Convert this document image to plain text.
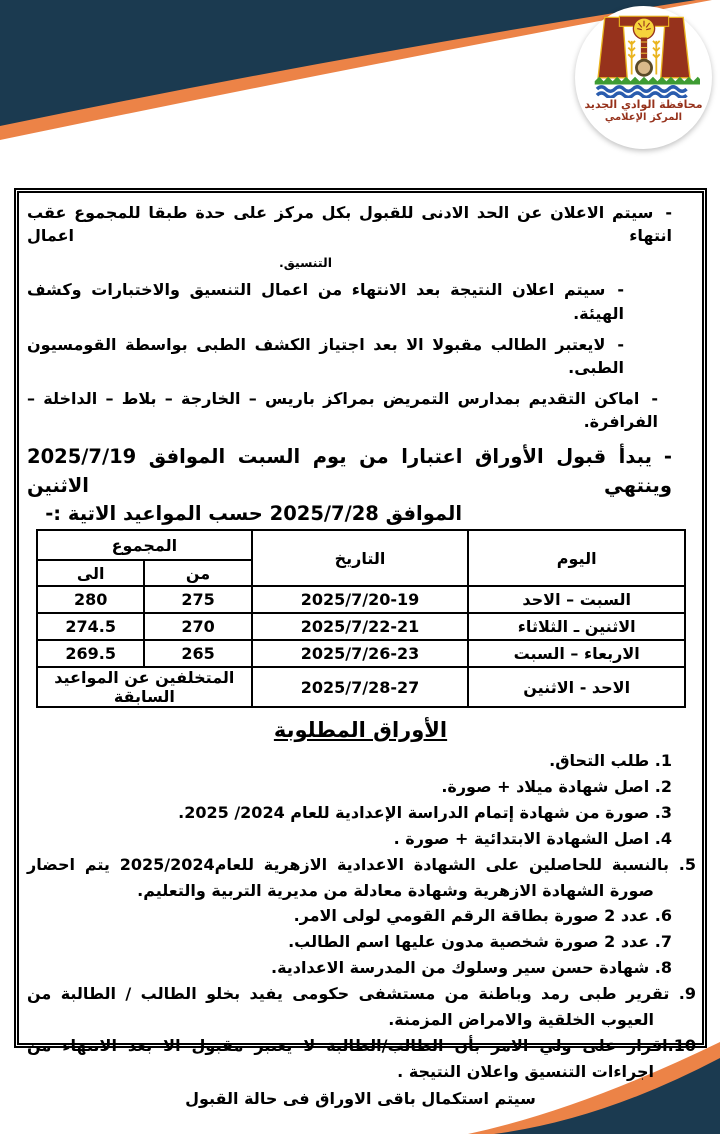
محافظة الوادي الجديد
المركز الإعلامي
-سيتم الاعلان عن الحد الادنى للقبول بكل مركز على حدة طبقا للمجموع عقب انتهاء اعمال
التنسيق.
-سيتم اعلان النتيجة بعد الانتهاء من اعمال التنسيق والاختبارات وكشف الهيئة.
-لايعتبر الطالب مقبولا الا بعد اجتياز الكشف الطبى بواسطة القومسيون الطبى.
-اماكن التقديم بمدارس التمريض بمراكز باريس – الخارجة – بلاط – الداخلة – الفرافرة.
-يبدأ قبول الأوراق اعتبارا من يوم السبت الموافق 2025/7/19 وينتهي الاثنين
الموافق 2025/7/28 حسب المواعيد الاتية :-
اليوم	التاريخ	المجموع	
		من	الى
السبت – الاحد	2025/7/20-19	275	280
الاثنين ـ الثلاثاء	2025/7/22-21	270	274.5
الاربعاء – السبت	2025/7/26-23	265	269.5
الاحد - الاثنين	2025/7/28-27	المتخلفين عن المواعيد السابقة	
الأوراق المطلوبة
1. طلب التحاق.
2. اصل شهادة ميلاد + صورة.
3. صورة من شهادة إتمام الدراسة الإعدادية للعام 2024/ 2025.
4. اصل الشهادة الابتدائية + صورة .
5. بالنسبة للحاصلين على الشهادة الاعدادية الازهرية للعام2025/2024 يتم احضار صورة الشهادة الازهرية وشهادة معادلة من مديرية التربية والتعليم.
6. عدد 2 صورة بطاقة الرقم القومي لولى الامر.
7. عدد 2 صورة شخصية مدون عليها اسم الطالب.
8. شهادة حسن سير وسلوك من المدرسة الاعدادية.
9. تقرير طبى رمد وباطنة من مستشفى حكومى يفيد بخلو الطالب / الطالبة من العيوب الخلقية والامراض المزمنة.
10.اقرار على ولي الامر بأن الطالب/الطالبة لا يعتبر مقبول الا بعد الانتهاء من اجراءات التنسيق واعلان النتيجة .
سيتم استكمال باقى الاوراق فى حالة القبول
